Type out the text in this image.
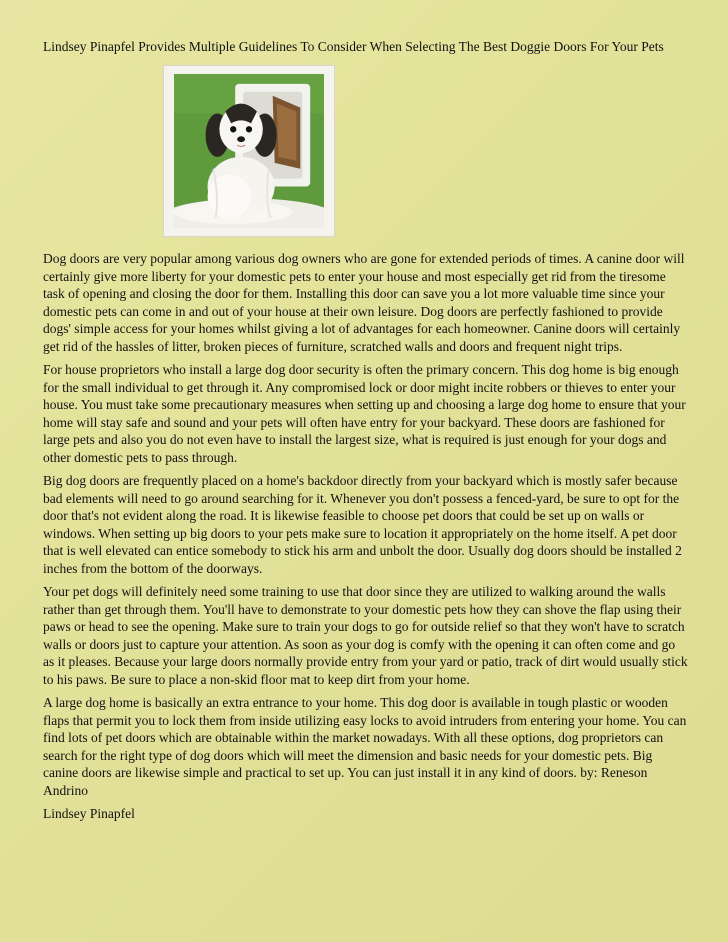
Lindsey Pinapfel Provides Multiple Guidelines To Consider When Selecting The Best Doggie Doors For Your Pets

Dog doors are very popular among various dog owners who are gone for extended periods of times. A canine door will certainly give more liberty for your domestic pets to enter your house and most especially get rid from the tiresome task of opening and closing the door for them. Installing this door can save you a lot more valuable time since your domestic pets can come in and out of your house at their own leisure. Dog doors are perfectly fashioned to provide dogs' simple access for your homes whilst giving a lot of advantages for each homeowner. Canine doors will certainly get rid of the hassles of litter, broken pieces of furniture, scratched walls and doors and frequent night trips.

For house proprietors who install a large dog door security is often the primary concern. This dog home is big enough for the small individual to get through it. Any compromised lock or door might incite robbers or thieves to enter your house. You must take some precautionary measures when setting up and choosing a large dog home to ensure that your home will stay safe and sound and your pets will often have entry for your backyard. These doors are fashioned for large pets and also you do not even have to install the largest size, what is required is just enough for your dogs and other domestic pets to pass through.

Big dog doors are frequently placed on a home's backdoor directly from your backyard which is mostly safer because bad elements will need to go around searching for it. Whenever you don't possess a fenced-yard, be sure to opt for the door that's not evident along the road. It is likewise feasible to choose pet doors that could be set up on walls or windows. When setting up big doors to your pets make sure to location it appropriately on the home itself. A pet door that is well elevated can entice somebody to stick his arm and unbolt the door. Usually dog doors should be installed 2 inches from the bottom of the doorways.

Your pet dogs will definitely need some training to use that door since they are utilized to walking around the walls rather than get through them. You'll have to demonstrate to your domestic pets how they can shove the flap using their paws or head to see the opening. Make sure to train your dogs to go for outside relief so that they won't have to scratch walls or doors just to capture your attention. As soon as your dog is comfy with the opening it can often come and go as it pleases. Because your large doors normally provide entry from your yard or patio, track of dirt would usually stick to his paws. Be sure to place a non-skid floor mat to keep dirt from your home.

A large dog home is basically an extra entrance to your home. This dog door is available in tough plastic or wooden flaps that permit you to lock them from inside utilizing easy locks to avoid intruders from entering your home. You can find lots of pet doors which are obtainable within the market nowadays. With all these options, dog proprietors can search for the right type of dog doors which will meet the dimension and basic needs for your domestic pets. Big canine doors are likewise simple and practical to set up. You can just install it in any kind of doors. by: Reneson Andrino

Lindsey Pinapfel
